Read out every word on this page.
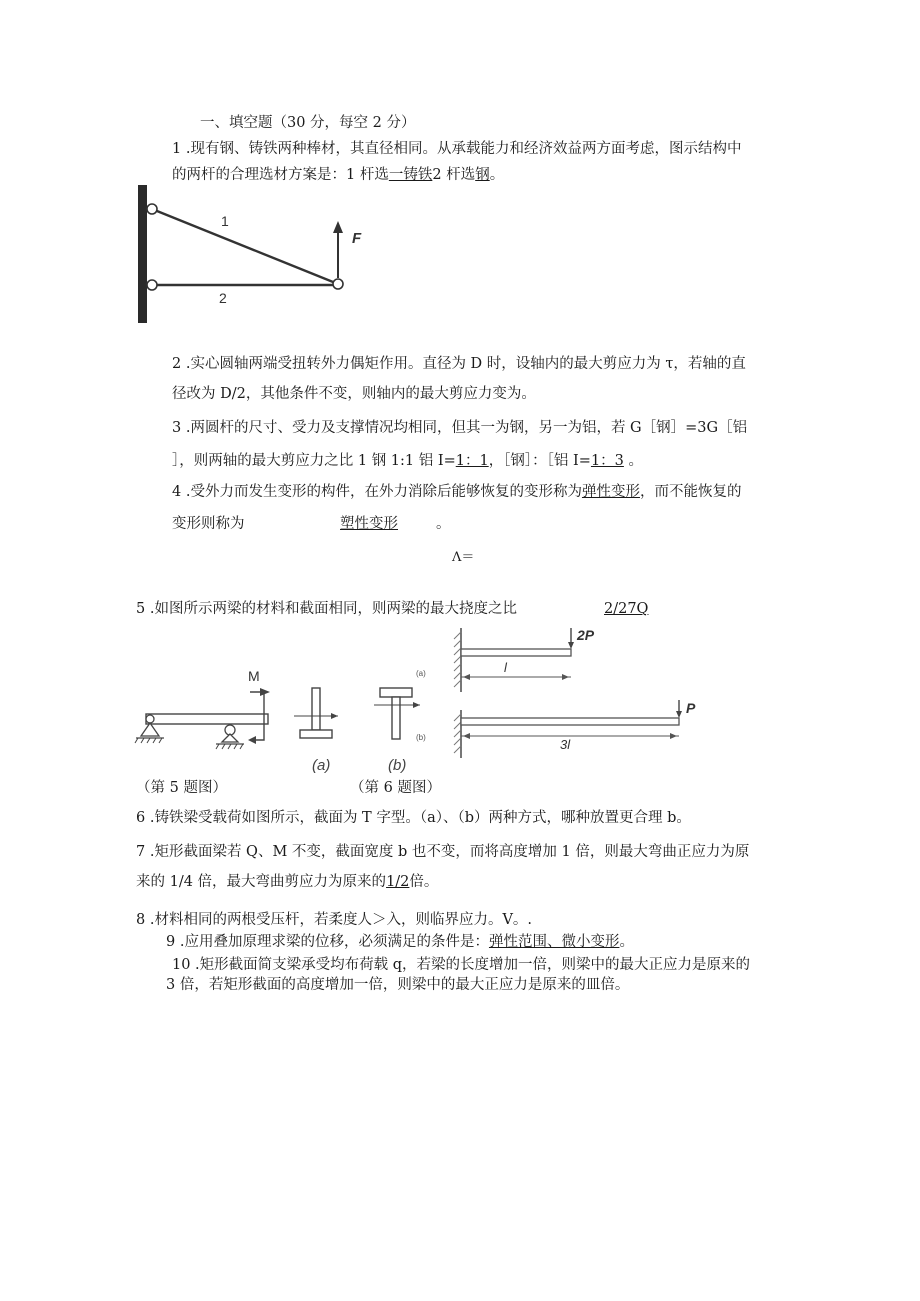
一、填空题（30 分，每空 2 分）
1 .现有钢、铸铁两种棒材，其直径相同。从承载能力和经济效益两方面考虑，图示结构中
的两杆的合理选材方案是：1 杆选一铸铁2 杆选钢。
1
2
F
2 .实心圆轴两端受扭转外力偶矩作用。直径为 D 时，设轴内的最大剪应力为 τ，若轴的直
径改为 D/2，其他条件不变，则轴内的最大剪应力变为。
3 .两圆杆的尺寸、受力及支撑情况均相同，但其一为钢，另一为铝，若 G［钢］=3G［铝
］，则两轴的最大剪应力之比 1 钢 1:1 铝 I=1：1，［钢］：［铝 I=1：3 。
4 .受外力而发生变形的构件，在外力消除后能够恢复的变形称为弹性变形，而不能恢复的
变形则称为	塑性变形	。
Λ＝
5 .如图所示两梁的材料和截面相同，则两梁的最大挠度之比	2/27Q
M
(a)	(b)
2P
l
(a)
P
3l
(b)
（第 5 题图）	（第 6 题图）
6 .铸铁梁受载荷如图所示，截面为 T 字型。（a）、（b）两种方式，哪种放置更合理 b。
7 .矩形截面梁若 Q、M 不变，截面宽度 b 也不变，而将高度增加 1 倍，则最大弯曲正应力为原
来的 1/4 倍，最大弯曲剪应力为原来的1/2倍。
8 .材料相同的两根受压杆，若柔度人＞入，则临界应力。V。.
9 .应用叠加原理求梁的位移，必须满足的条件是：弹性范围、微小变形。
10 .矩形截面简支梁承受均布荷载 q，若梁的长度增加一倍，则梁中的最大正应力是原来的
3 倍，若矩形截面的高度增加一倍，则梁中的最大正应力是原来的皿倍。
